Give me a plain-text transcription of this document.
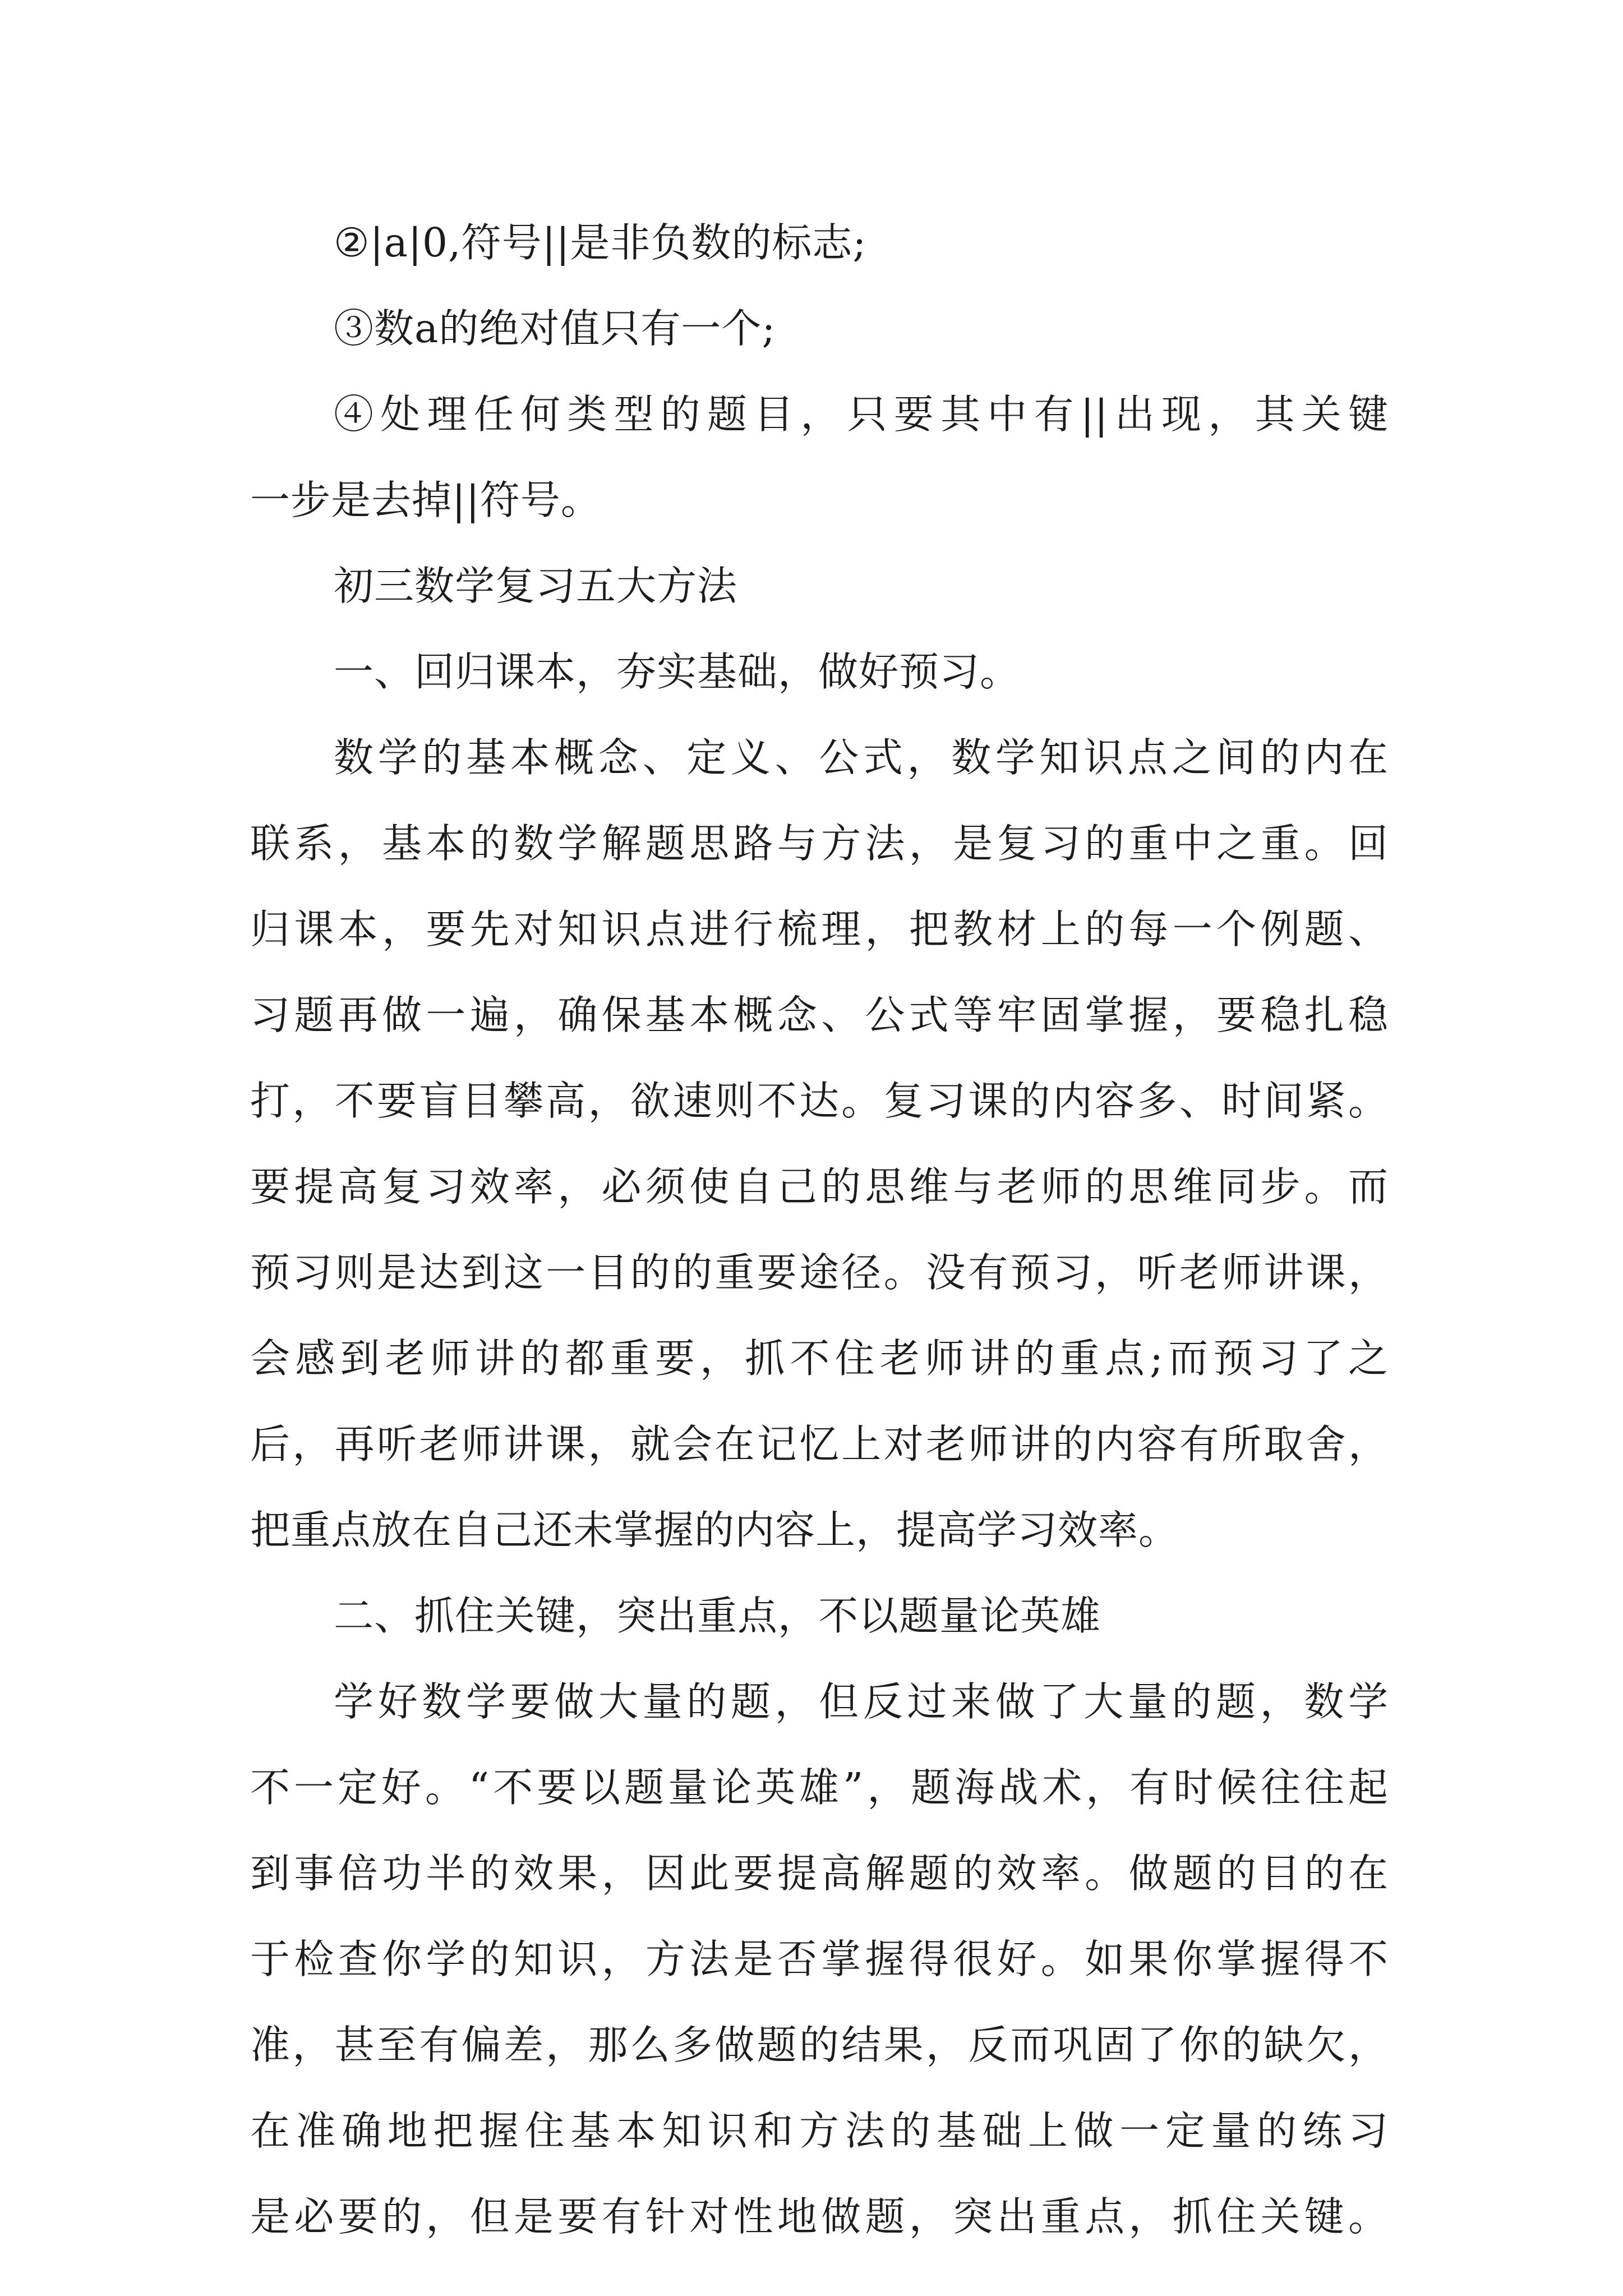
②|a|0,符号||是非负数的标志;
③数a的绝对值只有一个;
④处理任何类型的题目，只要其中有||出现，其关键
一步是去掉||符号。
初三数学复习五大方法
一、回归课本，夯实基础，做好预习。
数学的基本概念、定义、公式，数学知识点之间的内在
联系，基本的数学解题思路与方法，是复习的重中之重。回
归课本，要先对知识点进行梳理，把教材上的每一个例题、
习题再做一遍，确保基本概念、公式等牢固掌握，要稳扎稳
打，不要盲目攀高，欲速则不达。复习课的内容多、时间紧。
要提高复习效率，必须使自己的思维与老师的思维同步。而
预习则是达到这一目的的重要途径。没有预习，听老师讲课，
会感到老师讲的都重要，抓不住老师讲的重点;而预习了之
后，再听老师讲课，就会在记忆上对老师讲的内容有所取舍，
把重点放在自己还未掌握的内容上，提高学习效率。
二、抓住关键，突出重点，不以题量论英雄
学好数学要做大量的题，但反过来做了大量的题，数学
不一定好。“不要以题量论英雄”，题海战术，有时候往往起
到事倍功半的效果，因此要提高解题的效率。做题的目的在
于检查你学的知识，方法是否掌握得很好。如果你掌握得不
准，甚至有偏差，那么多做题的结果，反而巩固了你的缺欠，
在准确地把握住基本知识和方法的基础上做一定量的练习
是必要的，但是要有针对性地做题，突出重点，抓住关键。
